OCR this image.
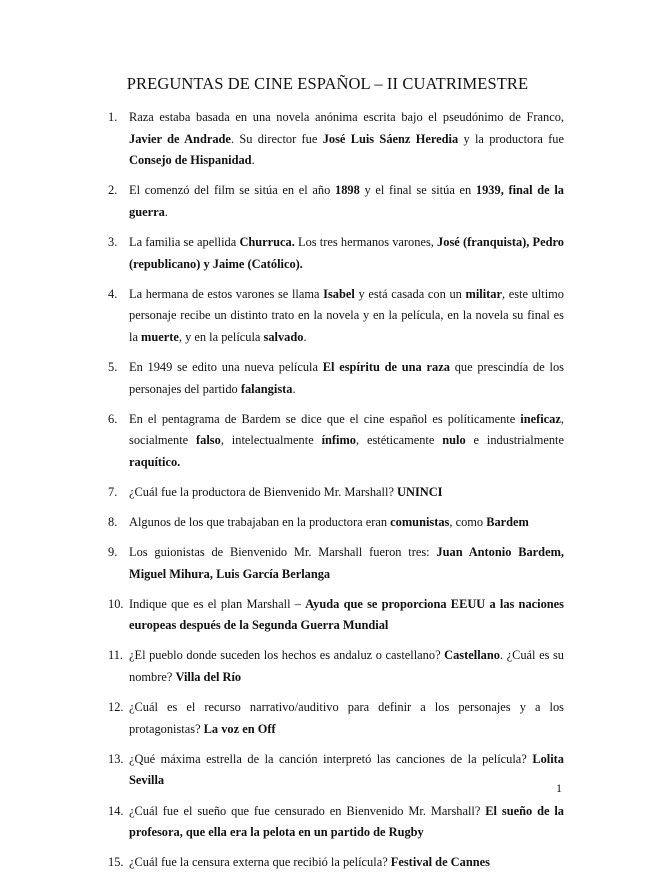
PREGUNTAS DE CINE ESPAÑOL – II CUATRIMESTRE
1. Raza estaba basada en una novela anónima escrita bajo el pseudónimo de Franco, Javier de Andrade. Su director fue José Luis Sáenz Heredia y la productora fue Consejo de Hispanidad.
2. El comenzó del film se sitúa en el año 1898 y el final se sitúa en 1939, final de la guerra.
3. La familia se apellida Churruca. Los tres hermanos varones, José (franquista), Pedro (republicano) y Jaime (Católico).
4. La hermana de estos varones se llama Isabel y está casada con un militar, este ultimo personaje recibe un distinto trato en la novela y en la película, en la novela su final es la muerte, y en la película salvado.
5. En 1949 se edito una nueva película El espíritu de una raza que prescindía de los personajes del partido falangista.
6. En el pentagrama de Bardem se dice que el cine español es políticamente ineficaz, socialmente falso, intelectualmente ínfimo, estéticamente nulo e industrialmente raquítico.
7. ¿Cuál fue la productora de Bienvenido Mr. Marshall? UNINCI
8. Algunos de los que trabajaban en la productora eran comunistas, como Bardem
9. Los guionistas de Bienvenido Mr. Marshall fueron tres: Juan Antonio Bardem, Miguel Mihura, Luis García Berlanga
10. Indique que es el plan Marshall – Ayuda que se proporciona EEUU a las naciones europeas después de la Segunda Guerra Mundial
11. ¿El pueblo donde suceden los hechos es andaluz o castellano? Castellano. ¿Cuál es su nombre? Villa del Río
12. ¿Cuál es el recurso narrativo/auditivo para definir a los personajes y a los protagonistas? La voz en Off
13. ¿Qué máxima estrella de la canción interpretó las canciones de la película? Lolita Sevilla
14. ¿Cuál fue el sueño que fue censurado en Bienvenido Mr. Marshall? El sueño de la profesora, que ella era la pelota en un partido de Rugby
15. ¿Cuál fue la censura externa que recibió la película? Festival de Cannes
1
